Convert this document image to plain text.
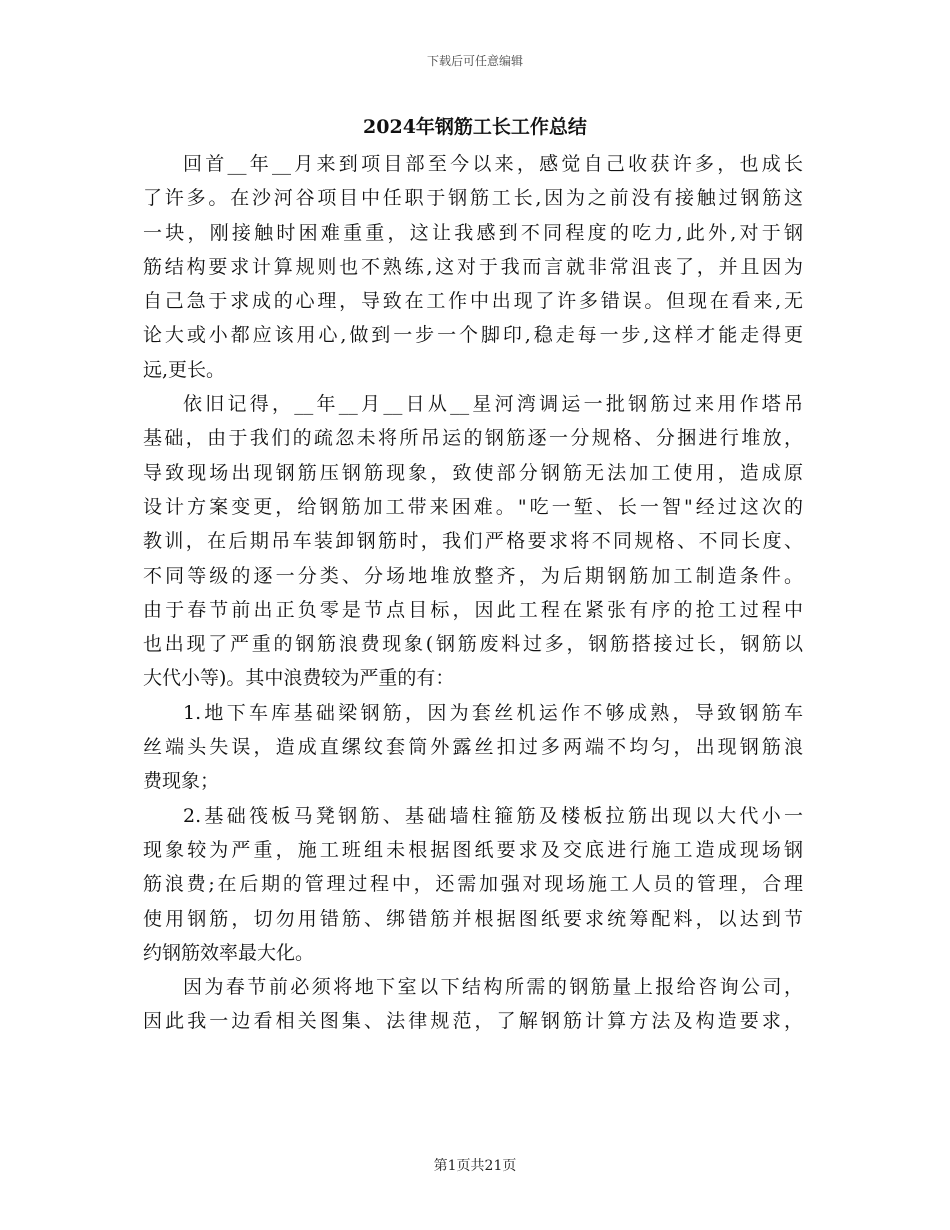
下载后可任意编辑
2024年钢筋工长工作总结
回首__年__月来到项目部至今以来，感觉自己收获许多，也成长
了许多。在沙河谷项目中任职于钢筋工长,因为之前没有接触过钢筋这
一块，刚接触时困难重重，这让我感到不同程度的吃力,此外,对于钢
筋结构要求计算规则也不熟练,这对于我而言就非常沮丧了，并且因为
自己急于求成的心理，导致在工作中出现了许多错误。但现在看来,无
论大或小都应该用心,做到一步一个脚印,稳走每一步,这样才能走得更
远,更长。
依旧记得，__年__月__日从__星河湾调运一批钢筋过来用作塔吊
基础，由于我们的疏忽未将所吊运的钢筋逐一分规格、分捆进行堆放，
导致现场出现钢筋压钢筋现象，致使部分钢筋无法加工使用，造成原
设计方案变更，给钢筋加工带来困难。"吃一堑、长一智"经过这次的
教训，在后期吊车装卸钢筋时，我们严格要求将不同规格、不同长度、
不同等级的逐一分类、分场地堆放整齐，为后期钢筋加工制造条件。
由于春节前出正负零是节点目标，因此工程在紧张有序的抢工过程中
也出现了严重的钢筋浪费现象(钢筋废料过多，钢筋搭接过长，钢筋以
大代小等)。其中浪费较为严重的有：
1.地下车库基础梁钢筋，因为套丝机运作不够成熟，导致钢筋车
丝端头失误，造成直缧纹套筒外露丝扣过多两端不均匀，出现钢筋浪
费现象；
2.基础筏板马凳钢筋、基础墙柱箍筋及楼板拉筋出现以大代小一
现象较为严重，施工班组未根据图纸要求及交底进行施工造成现场钢
筋浪费;在后期的管理过程中，还需加强对现场施工人员的管理，合理
使用钢筋，切勿用错筋、绑错筋并根据图纸要求统筹配料，以达到节
约钢筋效率最大化。
因为春节前必须将地下室以下结构所需的钢筋量上报给咨询公司，
因此我一边看相关图集、法律规范，了解钢筋计算方法及构造要求，
第1页共21页
